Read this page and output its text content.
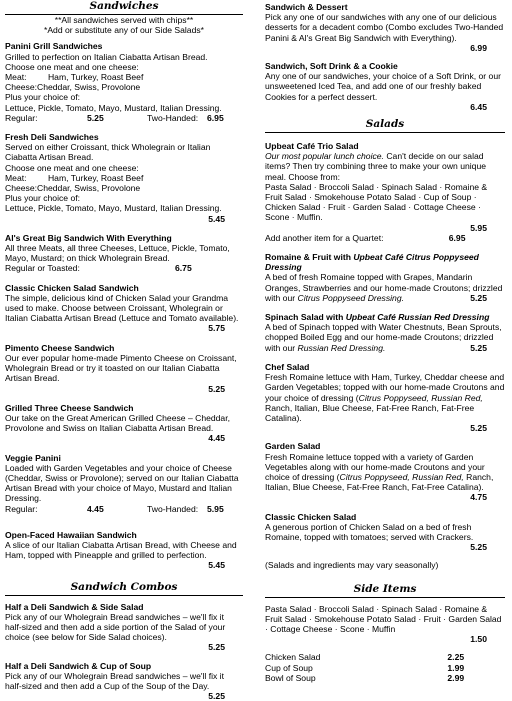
Sandwiches

**All sandwiches served with chips**

*Add or substitute any of our Side Salads*

Panini Grill Sandwiches

Grilled to perfection on Italian Ciabatta Artisan Bread.

Choose one meat and one cheese:

Meat:         Ham, Turkey, Roast Beef

Cheese:Cheddar, Swiss, Provolone

Plus your choice of:

Lettuce, Pickle, Tomato, Mayo, Mustard, Italian Dressing.

Regular:	5.25	Two-Handed:	6.95

Fresh Deli Sandwiches

Served on either Croissant, thick Wholegrain or Italian Ciabatta Artisan Bread.

Choose one meat and one cheese:

Meat:         Ham, Turkey, Roast Beef

Cheese:Cheddar, Swiss, Provolone

Plus your choice of:

Lettuce, Pickle, Tomato, Mayo, Mustard, Italian Dressing.

5.45

Al's Great Big Sandwich With Everything

All three Meats, all three Cheeses, Lettuce, Pickle, Tomato, Mayo, Mustard; on thick Wholegrain Bread.

Regular or Toasted:	6.75

Classic Chicken Salad Sandwich

The simple, delicious kind of Chicken Salad your Grandma used to make. Choose between Croissant, Wholegrain or Italian Ciabatta Artisan Bread (Lettuce and Tomato available).

5.75

Pimento Cheese Sandwich

Our ever popular home-made Pimento Cheese on Croissant, Wholegrain Bread or try it toasted on our Italian Ciabatta Artisan Bread.

5.25

Grilled Three Cheese Sandwich

Our take on the Great American Grilled Cheese – Cheddar, Provolone and Swiss on Italian Ciabatta Artisan Bread.

4.45

Veggie Panini

Loaded with Garden Vegetables and your choice of Cheese (Cheddar, Swiss or Provolone); served on our Italian Ciabatta Artisan Bread with your choice of Mayo, Mustard and Italian Dressing.

Regular:	4.45	Two-Handed:	5.95

Open-Faced Hawaiian Sandwich

A slice of our Italian Ciabatta Artisan Bread, with Cheese and Ham, topped with Pineapple and grilled to perfection.

5.45

Sandwich Combos

Half a Deli Sandwich & Side Salad

Pick any of our Wholegrain Bread sandwiches – we'll fix it half-sized and then add a side portion of the Salad of your choice (see below for Side Salad choices).

5.25

Half a Deli Sandwich & Cup of Soup

Pick any of our Wholegrain Bread sandwiches – we'll fix it half-sized and then add a Cup of the Soup of the Day.

5.25

Sandwich & Dessert

Pick any one of our sandwiches with any one of our delicious desserts for a decadent combo (Combo excludes Two-Handed Panini & Al's Great Big Sandwich with Everything).

6.99

Sandwich, Soft Drink & a Cookie

Any one of our sandwiches, your choice of a Soft Drink, or our unsweetened Iced Tea, and add one of our freshly baked Cookies for a perfect dessert.

6.45

Salads

Upbeat Café Trio Salad

Our most popular lunch choice. Can't decide on our salad items? Then try combining three to make your own unique meal. Choose from:

Pasta Salad · Broccoli Salad · Spinach Salad · Romaine & Fruit Salad · Smokehouse Potato Salad · Cup of Soup · Chicken Salad · Fruit · Garden Salad · Cottage Cheese · Scone · Muffin.

5.95

Add another item for a Quartet:	6.95

Romaine & Fruit with Upbeat Café Citrus Poppyseed Dressing

A bed of fresh Romaine topped with Grapes, Mandarin Oranges, Strawberries and our home-made Croutons; drizzled with our Citrus Poppyseed Dressing.	5.25

Spinach Salad with Upbeat Café Russian Red Dressing

A bed of Spinach topped with Water Chestnuts, Bean Sprouts, chopped Boiled Egg and our home-made Croutons; drizzled with our Russian Red Dressing.	5.25

Chef Salad

Fresh Romaine lettuce with Ham, Turkey, Cheddar cheese and Garden Vegetables; topped with our home-made Croutons and your choice of dressing (Citrus Poppyseed, Russian Red, Ranch, Italian, Blue Cheese, Fat-Free Ranch, Fat-Free Catalina).

5.25

Garden Salad

Fresh Romaine lettuce topped with a variety of Garden Vegetables along with our home-made Croutons and your choice of dressing (Citrus Poppyseed, Russian Red, Ranch, Italian, Blue Cheese, Fat-Free Ranch, Fat-Free Catalina).

4.75

Classic Chicken Salad

A generous portion of Chicken Salad on a bed of fresh Romaine, topped with tomatoes; served with Crackers.

5.25

(Salads and ingredients may vary seasonally)

Side Items

Pasta Salad · Broccoli Salad · Spinach Salad · Romaine & Fruit Salad · Smokehouse Potato Salad · Fruit · Garden Salad · Cottage Cheese · Scone · Muffin

1.50

Chicken Salad	2.25
Cup of Soup	1.99
Bowl of Soup	2.99
